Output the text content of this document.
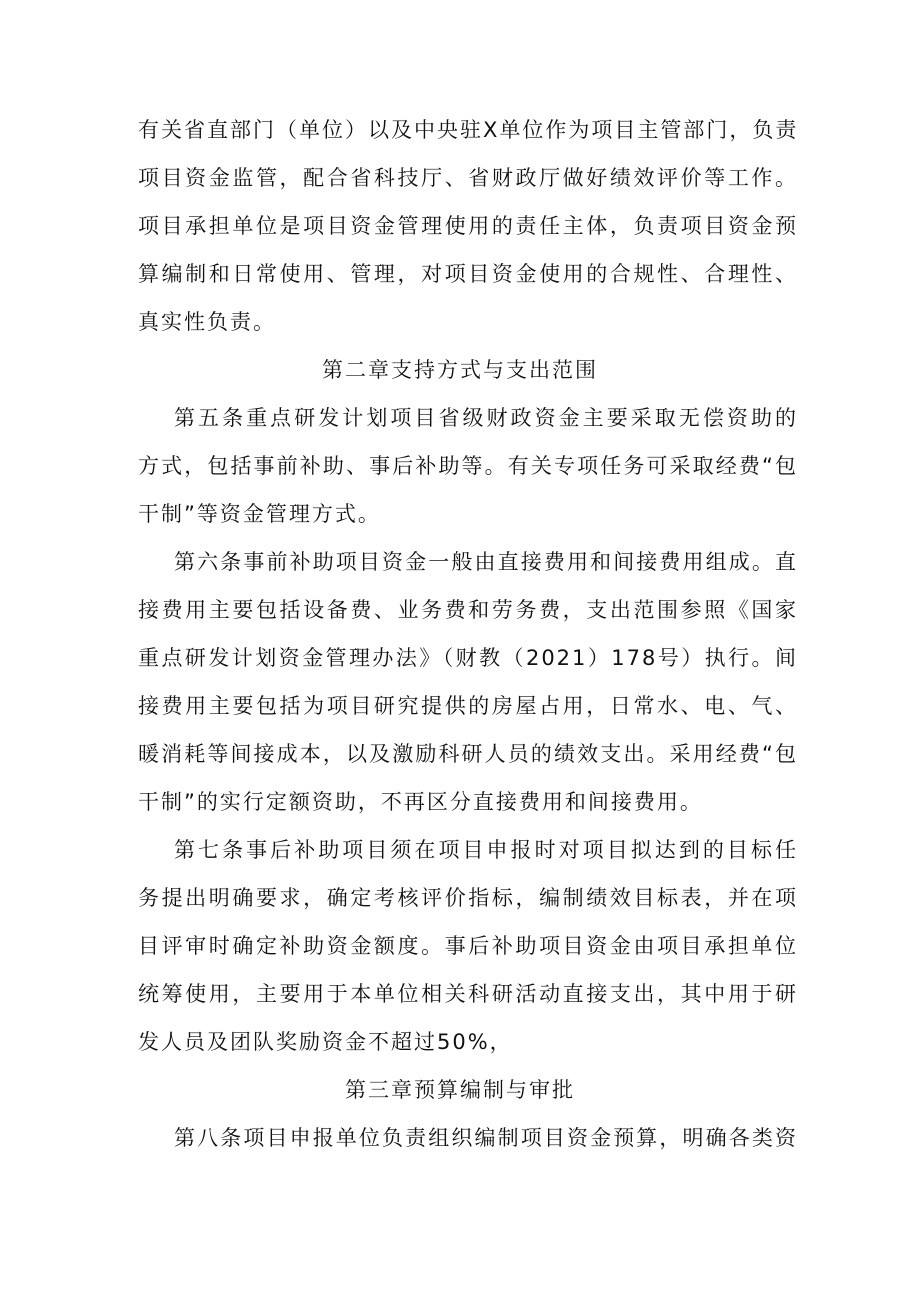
有关省直部门（单位）以及中央驻X单位作为项目主管部门，负责
项目资金监管，配合省科技厅、省财政厅做好绩效评价等工作。
项目承担单位是项目资金管理使用的责任主体，负责项目资金预
算编制和日常使用、管理，对项目资金使用的合规性、合理性、
真实性负责。
第二章支持方式与支出范围
第五条重点研发计划项目省级财政资金主要采取无偿资助的
方式，包括事前补助、事后补助等。有关专项任务可采取经费“包
干制”等资金管理方式。
第六条事前补助项目资金一般由直接费用和间接费用组成。直
接费用主要包括设备费、业务费和劳务费，支出范围参照《国家
重点研发计划资金管理办法》（财教（2021）178号）执行。间
接费用主要包括为项目研究提供的房屋占用，日常水、电、气、
暖消耗等间接成本，以及激励科研人员的绩效支出。采用经费“包
干制”的实行定额资助，不再区分直接费用和间接费用。
第七条事后补助项目须在项目申报时对项目拟达到的目标任
务提出明确要求，确定考核评价指标，编制绩效目标表，并在项
目评审时确定补助资金额度。事后补助项目资金由项目承担单位
统筹使用，主要用于本单位相关科研活动直接支出，其中用于研
发人员及团队奖励资金不超过50%，
第三章预算编制与审批
第八条项目申报单位负责组织编制项目资金预算，明确各类资
